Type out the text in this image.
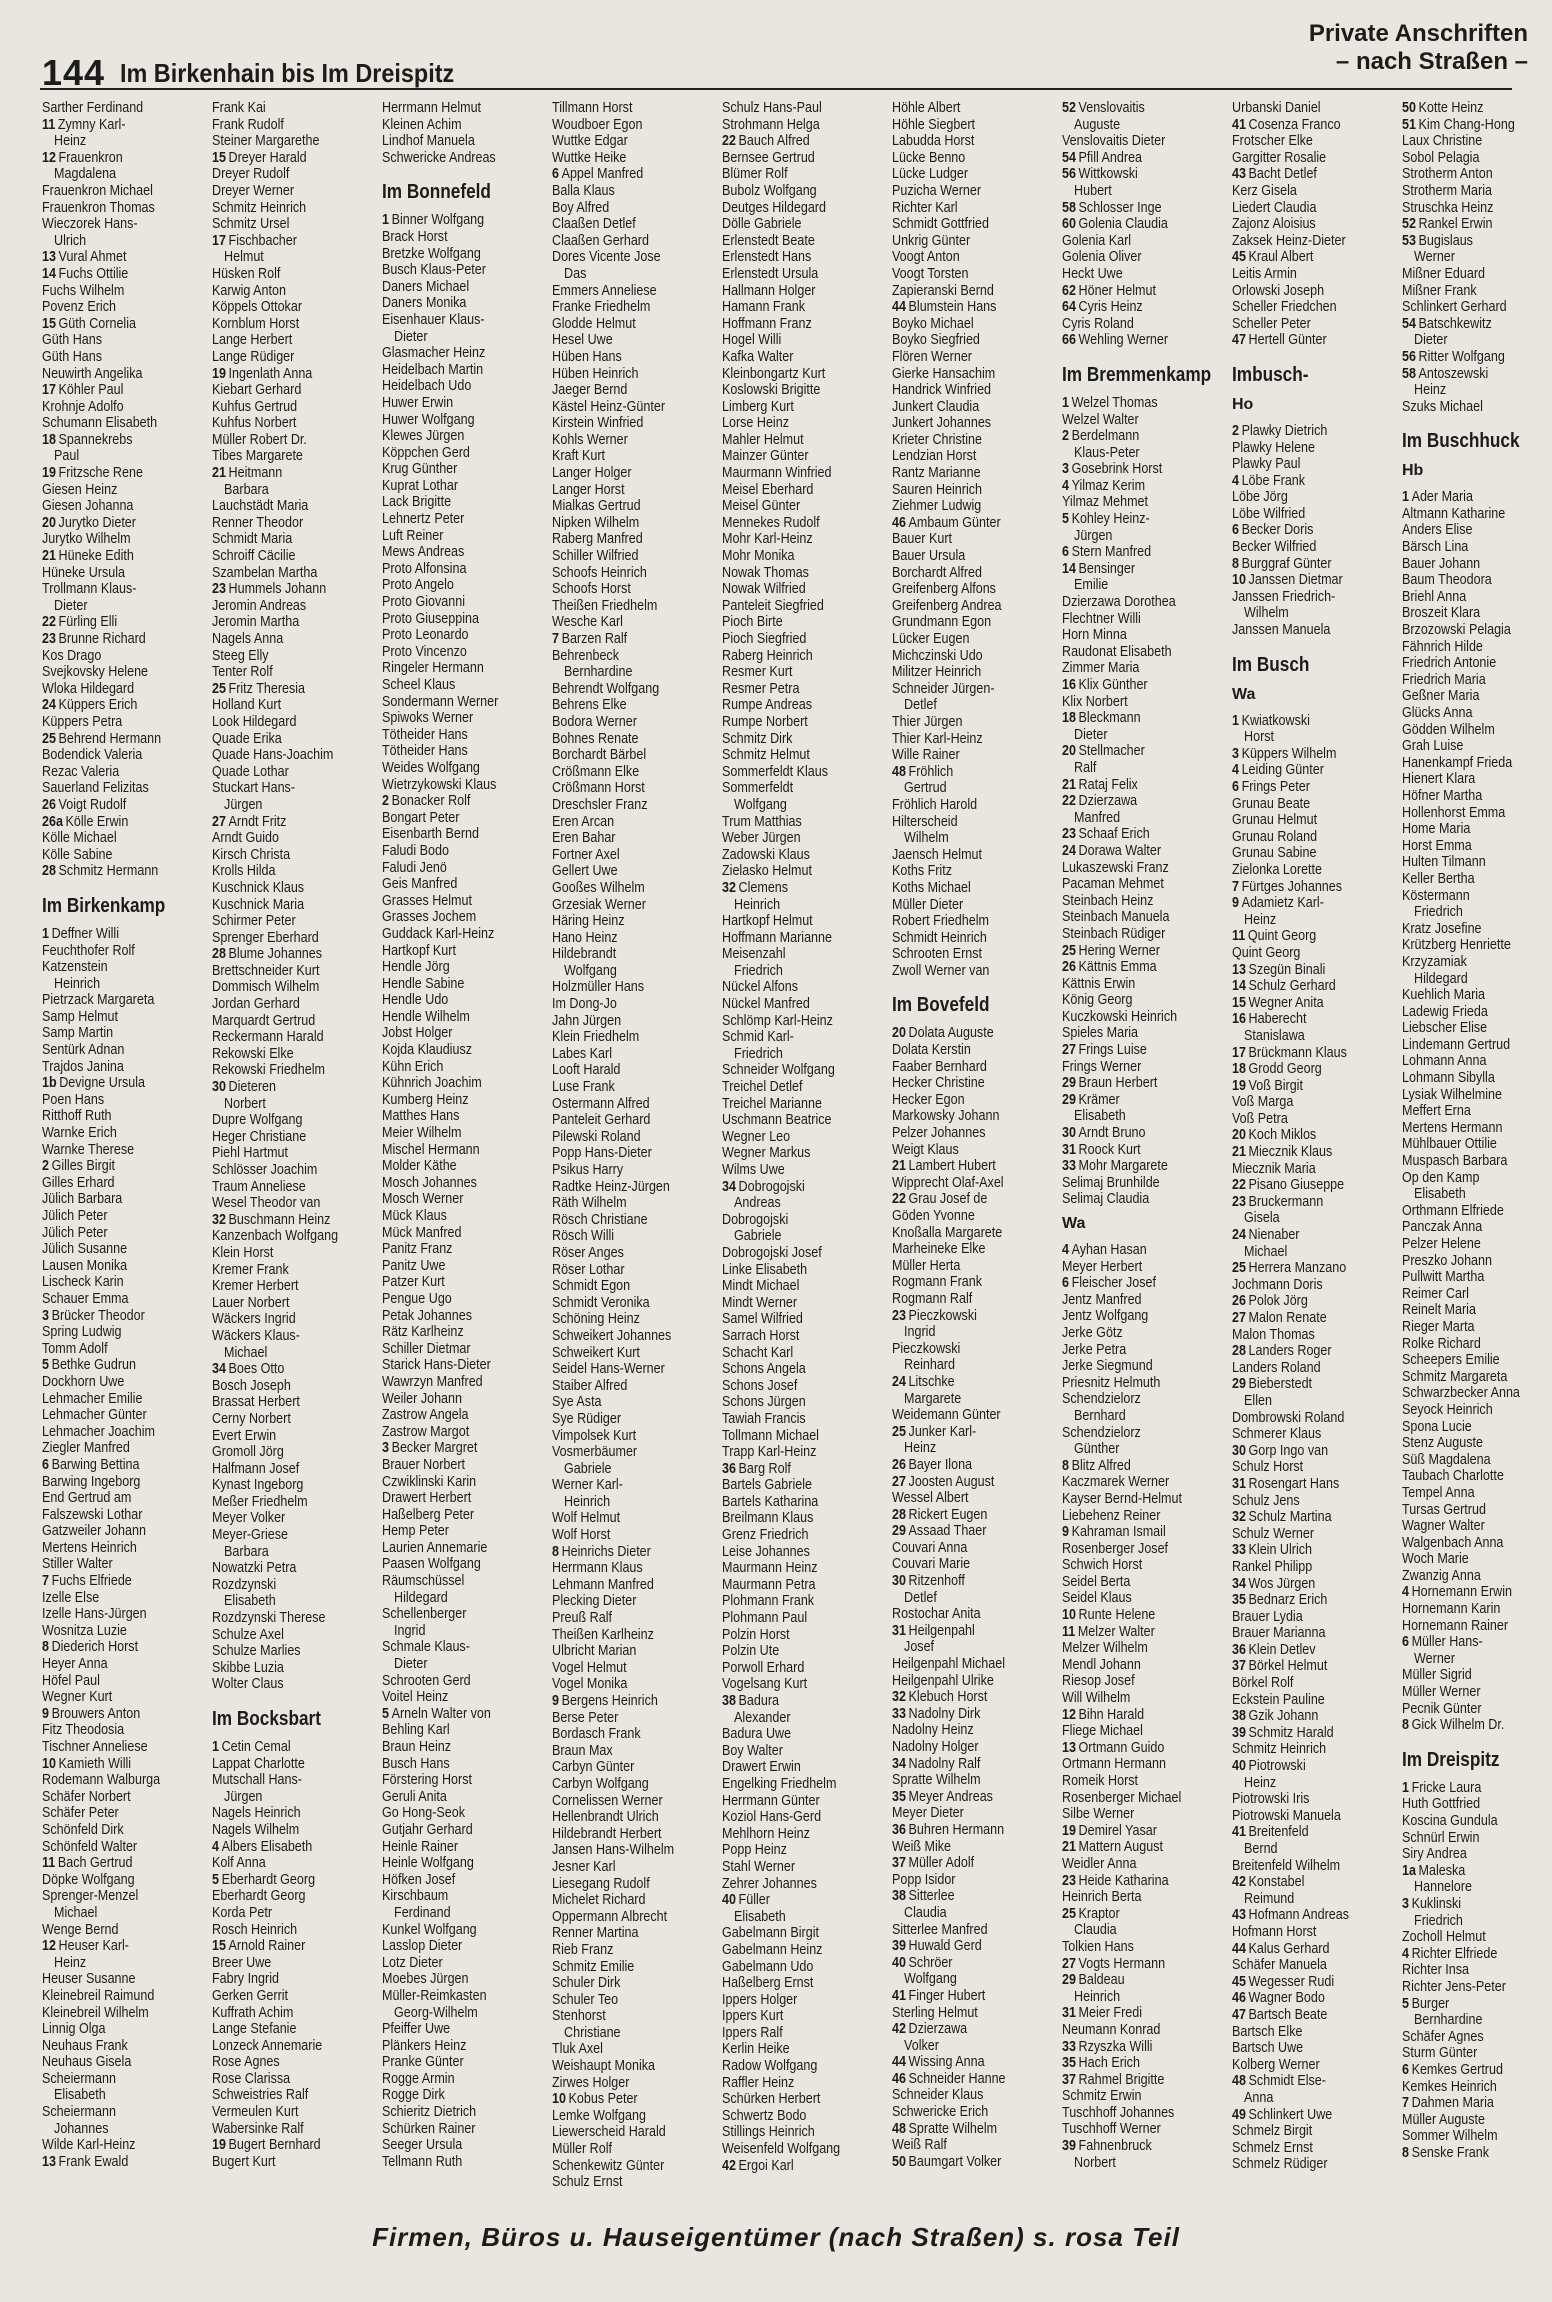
144 Im Birkenhain bis Im Dreispitz
Private Anschriften
– nach Straßen –
Sarther Ferdinand
11 Zymny Karl-
Heinz
12 Frauenkron
Magdalena
Frauenkron Michael
Frauenkron Thomas
Wieczorek Hans-
Ulrich
13 Vural Ahmet
14 Fuchs Ottilie
Fuchs Wilhelm
Povenz Erich
15 Güth Cornelia
Güth Hans
Güth Hans
Neuwirth Angelika
17 Köhler Paul
Krohnje Adolfo
Schumann Elisabeth
18 Spannekrebs
Paul
19 Fritzsche Rene
Giesen Heinz
Giesen Johanna
20 Jurytko Dieter
Jurytko Wilhelm
21 Hüneke Edith
Hüneke Ursula
Trollmann Klaus-
Dieter
22 Fürling Elli
23 Brunne Richard
Kos Drago
Svejkovsky Helene
Wloka Hildegard
24 Küppers Erich
Küppers Petra
25 Behrend Hermann
Bodendick Valeria
Rezac Valeria
Sauerland Felizitas
26 Voigt Rudolf
26a Kölle Erwin
Kölle Michael
Kölle Sabine
28 Schmitz Hermann
Im Birkenkamp
1 Deffner Willi
Feuchthofer Rolf
Katzenstein
Heinrich
Pietrzack Margareta
Samp Helmut
Samp Martin
Sentürk Adnan
Trajdos Janina
1b Devigne Ursula
Poen Hans
Ritthoff Ruth
Warnke Erich
Warnke Therese
2 Gilles Birgit
Gilles Erhard
Jülich Barbara
Jülich Peter
Jülich Peter
Jülich Susanne
Lausen Monika
Lischeck Karin
Schauer Emma
3 Brücker Theodor
Spring Ludwig
Tomm Adolf
5 Bethke Gudrun
Dockhorn Uwe
Lehmacher Emilie
Lehmacher Günter
Lehmacher Joachim
Ziegler Manfred
6 Barwing Bettina
Barwing Ingeborg
End Gertrud am
Falszewski Lothar
Gatzweiler Johann
Mertens Heinrich
Stiller Walter
7 Fuchs Elfriede
Izelle Else
Izelle Hans-Jürgen
Wosnitza Luzie
8 Diederich Horst
Heyer Anna
Höfel Paul
Wegner Kurt
9 Brouwers Anton
Fitz Theodosia
Tischner Anneliese
10 Kamieth Willi
Rodemann Walburga
Schäfer Norbert
Schäfer Peter
Schönfeld Dirk
Schönfeld Walter
11 Bach Gertrud
Döpke Wolfgang
Sprenger-Menzel
Michael
Wenge Bernd
12 Heuser Karl-
Heinz
Heuser Susanne
Kleinebreil Raimund
Kleinebreil Wilhelm
Linnig Olga
Neuhaus Frank
Neuhaus Gisela
Scheiermann
Elisabeth
Scheiermann
Johannes
Wilde Karl-Heinz
13 Frank Ewald
Frank Kai
Frank Rudolf
Steiner Margarethe
15 Dreyer Harald
Dreyer Rudolf
Dreyer Werner
Schmitz Heinrich
Schmitz Ursel
17 Fischbacher
Helmut
Hüsken Rolf
Karwig Anton
Köppels Ottokar
Kornblum Horst
Lange Herbert
Lange Rüdiger
19 Ingenlath Anna
Kiebart Gerhard
Kuhfus Gertrud
Kuhfus Norbert
Müller Robert Dr.
Tibes Margarete
21 Heitmann
Barbara
Lauchstädt Maria
Renner Theodor
Schmidt Maria
Schroiff Cäcilie
Szambelan Martha
23 Hummels Johann
Jeromin Andreas
Jeromin Martha
Nagels Anna
Steeg Elly
Tenter Rolf
25 Fritz Theresia
Holland Kurt
Look Hildegard
Quade Erika
Quade Hans-Joachim
Quade Lothar
Stuckart Hans-
Jürgen
27 Arndt Fritz
Arndt Guido
Kirsch Christa
Krolls Hilda
Kuschnick Klaus
Kuschnick Maria
Schirmer Peter
Sprenger Eberhard
28 Blume Johannes
Brettschneider Kurt
Dommisch Wilhelm
Jordan Gerhard
Marquardt Gertrud
Reckermann Harald
Rekowski Elke
Rekowski Friedhelm
30 Dieteren
Norbert
Dupre Wolfgang
Heger Christiane
Piehl Hartmut
Schlösser Joachim
Traum Anneliese
Wesel Theodor van
32 Buschmann Heinz
Kanzenbach Wolfgang
Klein Horst
Kremer Frank
Kremer Herbert
Lauer Norbert
Wäckers Ingrid
Wäckers Klaus-
Michael
34 Boes Otto
Bosch Joseph
Brassat Herbert
Cerny Norbert
Evert Erwin
Gromoll Jörg
Halfmann Josef
Kynast Ingeborg
Meßer Friedhelm
Meyer Volker
Meyer-Griese
Barbara
Nowatzki Petra
Rozdzynski
Elisabeth
Rozdzynski Therese
Schulze Axel
Schulze Marlies
Skibbe Luzia
Wolter Claus
Im Bocksbart
1 Cetin Cemal
Lappat Charlotte
Mutschall Hans-
Jürgen
Nagels Heinrich
Nagels Wilhelm
4 Albers Elisabeth
Kolf Anna
5 Eberhardt Georg
Eberhardt Georg
Korda Petr
Rosch Heinrich
15 Arnold Rainer
Breer Uwe
Fabry Ingrid
Gerken Gerrit
Kuffrath Achim
Lange Stefanie
Lonzeck Annemarie
Rose Agnes
Rose Clarissa
Schweistries Ralf
Vermeulen Kurt
Wabersinke Ralf
19 Bugert Bernhard
Bugert Kurt
Herrmann Helmut
Kleinen Achim
Lindhof Manuela
Schwericke Andreas
Im Bonnefeld
1 Binner Wolfgang
Brack Horst
Bretzke Wolfgang
Busch Klaus-Peter
Daners Michael
Daners Monika
Eisenhauer Klaus-
Dieter
Glasmacher Heinz
Heidelbach Martin
Heidelbach Udo
Huwer Erwin
Huwer Wolfgang
Klewes Jürgen
Köppchen Gerd
Krug Günther
Kuprat Lothar
Lack Brigitte
Lehnertz Peter
Luft Reiner
Mews Andreas
Proto Alfonsina
Proto Angelo
Proto Giovanni
Proto Giuseppina
Proto Leonardo
Proto Vincenzo
Ringeler Hermann
Scheel Klaus
Sondermann Werner
Spiwoks Werner
Tötheider Hans
Tötheider Hans
Weides Wolfgang
Wietrzykowski Klaus
2 Bonacker Rolf
Bongart Peter
Eisenbarth Bernd
Faludi Bodo
Faludi Jenö
Geis Manfred
Grasses Helmut
Grasses Jochem
Guddack Karl-Heinz
Hartkopf Kurt
Hendle Jörg
Hendle Sabine
Hendle Udo
Hendle Wilhelm
Jobst Holger
Kojda Klaudiusz
Kühn Erich
Kühnrich Joachim
Kumberg Heinz
Matthes Hans
Meier Wilhelm
Mischel Hermann
Molder Käthe
Mosch Johannes
Mosch Werner
Mück Klaus
Mück Manfred
Panitz Franz
Panitz Uwe
Patzer Kurt
Pengue Ugo
Petak Johannes
Rätz Karlheinz
Schiller Dietmar
Starick Hans-Dieter
Wawrzyn Manfred
Weiler Johann
Zastrow Angela
Zastrow Margot
3 Becker Margret
Brauer Norbert
Czwiklinski Karin
Drawert Herbert
Haßelberg Peter
Hemp Peter
Laurien Annemarie
Paasen Wolfgang
Räumschüssel
Hildegard
Schellenberger
Ingrid
Schmale Klaus-
Dieter
Schrooten Gerd
Voitel Heinz
5 Arneln Walter von
Behling Karl
Braun Heinz
Busch Hans
Förstering Horst
Geruli Anita
Go Hong-Seok
Gutjahr Gerhard
Heinle Rainer
Heinle Wolfgang
Höfken Josef
Kirschbaum
Ferdinand
Kunkel Wolfgang
Lasslop Dieter
Lotz Dieter
Moebes Jürgen
Müller-Reimkasten
Georg-Wilhelm
Pfeiffer Uwe
Plänkers Heinz
Pranke Günter
Rogge Armin
Rogge Dirk
Schieritz Dietrich
Schürken Rainer
Seeger Ursula
Tellmann Ruth
Tillmann Horst
Woudboer Egon
Wuttke Edgar
Wuttke Heike
6 Appel Manfred
Balla Klaus
Boy Alfred
Claaßen Detlef
Claaßen Gerhard
Dores Vicente Jose
Das
Emmers Anneliese
Franke Friedhelm
Glodde Helmut
Hesel Uwe
Hüben Hans
Hüben Heinrich
Jaeger Bernd
Kästel Heinz-Günter
Kirstein Winfried
Kohls Werner
Kraft Kurt
Langer Holger
Langer Horst
Mialkas Gertrud
Nipken Wilhelm
Raberg Manfred
Schiller Wilfried
Schoofs Heinrich
Schoofs Horst
Theißen Friedhelm
Wesche Karl
7 Barzen Ralf
Behrenbeck
Bernhardine
Behrendt Wolfgang
Behrens Elke
Bodora Werner
Bohnes Renate
Borchardt Bärbel
Crößmann Elke
Crößmann Horst
Dreschsler Franz
Eren Arcan
Eren Bahar
Fortner Axel
Gellert Uwe
Gooßes Wilhelm
Grzesiak Werner
Häring Heinz
Hano Heinz
Hildebrandt
Wolfgang
Holzmüller Hans
Im Dong-Jo
Jahn Jürgen
Klein Friedhelm
Labes Karl
Looft Harald
Luse Frank
Ostermann Alfred
Panteleit Gerhard
Pilewski Roland
Popp Hans-Dieter
Psikus Harry
Radtke Heinz-Jürgen
Räth Wilhelm
Rösch Christiane
Rösch Willi
Röser Anges
Röser Lothar
Schmidt Egon
Schmidt Veronika
Schöning Heinz
Schweikert Johannes
Schweikert Kurt
Seidel Hans-Werner
Staiber Alfred
Sye Asta
Sye Rüdiger
Vimpolsek Kurt
Vosmerbäumer
Gabriele
Werner Karl-
Heinrich
Wolf Helmut
Wolf Horst
8 Heinrichs Dieter
Herrmann Klaus
Lehmann Manfred
Plecking Dieter
Preuß Ralf
Theißen Karlheinz
Ulbricht Marian
Vogel Helmut
Vogel Monika
9 Bergens Heinrich
Berse Peter
Bordasch Frank
Braun Max
Carbyn Günter
Carbyn Wolfgang
Cornelissen Werner
Hellenbrandt Ulrich
Hildebrandt Herbert
Jansen Hans-Wilhelm
Jesner Karl
Liesegang Rudolf
Michelet Richard
Oppermann Albrecht
Renner Martina
Rieb Franz
Schmitz Emilie
Schuler Dirk
Schuler Teo
Stenhorst
Christiane
Tluk Axel
Weishaupt Monika
Zirwes Holger
10 Kobus Peter
Lemke Wolfgang
Liewerscheid Harald
Müller Rolf
Schenkewitz Günter
Schulz Ernst
Schulz Hans-Paul
Strohmann Helga
22 Bauch Alfred
Bernsee Gertrud
Blümer Rolf
Bubolz Wolfgang
Deutges Hildegard
Dölle Gabriele
Erlenstedt Beate
Erlenstedt Hans
Erlenstedt Ursula
Hallmann Holger
Hamann Frank
Hoffmann Franz
Hogel Willi
Kafka Walter
Kleinbongartz Kurt
Koslowski Brigitte
Limberg Kurt
Lorse Heinz
Mahler Helmut
Mainzer Günter
Maurmann Winfried
Meisel Eberhard
Meisel Günter
Mennekes Rudolf
Mohr Karl-Heinz
Mohr Monika
Nowak Thomas
Nowak Wilfried
Panteleit Siegfried
Pioch Birte
Pioch Siegfried
Raberg Heinrich
Resmer Kurt
Resmer Petra
Rumpe Andreas
Rumpe Norbert
Schmitz Dirk
Schmitz Helmut
Sommerfeldt Klaus
Sommerfeldt
Wolfgang
Trum Matthias
Weber Jürgen
Zadowski Klaus
Zielasko Helmut
32 Clemens
Heinrich
Hartkopf Helmut
Hoffmann Marianne
Meisenzahl
Friedrich
Nückel Alfons
Nückel Manfred
Schlömp Karl-Heinz
Schmid Karl-
Friedrich
Schneider Wolfgang
Treichel Detlef
Treichel Marianne
Uschmann Beatrice
Wegner Leo
Wegner Markus
Wilms Uwe
34 Dobrogojski
Andreas
Dobrogojski
Gabriele
Dobrogojski Josef
Linke Elisabeth
Mindt Michael
Mindt Werner
Samel Wilfried
Sarrach Horst
Schacht Karl
Schons Angela
Schons Josef
Schons Jürgen
Tawiah Francis
Tollmann Michael
Trapp Karl-Heinz
36 Barg Rolf
Bartels Gabriele
Bartels Katharina
Breilmann Klaus
Grenz Friedrich
Leise Johannes
Maurmann Heinz
Maurmann Petra
Plohmann Frank
Plohmann Paul
Polzin Horst
Polzin Ute
Porwoll Erhard
Vogelsang Kurt
38 Badura
Alexander
Badura Uwe
Boy Walter
Drawert Erwin
Engelking Friedhelm
Herrmann Günter
Koziol Hans-Gerd
Mehlhorn Heinz
Popp Heinz
Stahl Werner
Zehrer Johannes
40 Füller
Elisabeth
Gabelmann Birgit
Gabelmann Heinz
Gabelmann Udo
Haßelberg Ernst
Ippers Holger
Ippers Kurt
Ippers Ralf
Kerlin Heike
Radow Wolfgang
Raffler Heinz
Schürken Herbert
Schwertz Bodo
Stillings Heinrich
Weisenfeld Wolfgang
42 Ergoi Karl
Höhle Albert
Höhle Siegbert
Labudda Horst
Lücke Benno
Lücke Ludger
Puzicha Werner
Richter Karl
Schmidt Gottfried
Unkrig Günter
Voogt Anton
Voogt Torsten
Zapieranski Bernd
44 Blumstein Hans
Boyko Michael
Boyko Siegfried
Flören Werner
Gierke Hansachim
Handrick Winfried
Junkert Claudia
Junkert Johannes
Krieter Christine
Lendzian Horst
Rantz Marianne
Sauren Heinrich
Ziehmer Ludwig
46 Ambaum Günter
Bauer Kurt
Bauer Ursula
Borchardt Alfred
Greifenberg Alfons
Greifenberg Andrea
Grundmann Egon
Lücker Eugen
Michczinski Udo
Militzer Heinrich
Schneider Jürgen-
Detlef
Thier Jürgen
Thier Karl-Heinz
Wille Rainer
48 Fröhlich
Gertrud
Fröhlich Harold
Hilterscheid
Wilhelm
Jaensch Helmut
Koths Fritz
Koths Michael
Müller Dieter
Robert Friedhelm
Schmidt Heinrich
Schrooten Ernst
Zwoll Werner van
Im Bovefeld
20 Dolata Auguste
Dolata Kerstin
Faaber Bernhard
Hecker Christine
Hecker Egon
Markowsky Johann
Pelzer Johannes
Weigt Klaus
21 Lambert Hubert
Wipprecht Olaf-Axel
22 Grau Josef de
Göden Yvonne
Knoßalla Margarete
Marheineke Elke
Müller Herta
Rogmann Frank
Rogmann Ralf
23 Pieczkowski
Ingrid
Pieczkowski
Reinhard
24 Litschke
Margarete
Weidemann Günter
25 Junker Karl-
Heinz
26 Bayer Ilona
27 Joosten August
Wessel Albert
28 Rickert Eugen
29 Assaad Thaer
Couvari Anna
Couvari Marie
30 Ritzenhoff
Detlef
Rostochar Anita
31 Heilgenpahl
Josef
Heilgenpahl Michael
Heilgenpahl Ulrike
32 Klebuch Horst
33 Nadolny Dirk
Nadolny Heinz
Nadolny Holger
34 Nadolny Ralf
Spratte Wilhelm
35 Meyer Andreas
Meyer Dieter
36 Buhren Hermann
Weiß Mike
37 Müller Adolf
Popp Isidor
38 Sitterlee
Claudia
Sitterlee Manfred
39 Huwald Gerd
40 Schröer
Wolfgang
41 Finger Hubert
Sterling Helmut
42 Dzierzawa
Volker
44 Wissing Anna
46 Schneider Hanne
Schneider Klaus
Schwericke Erich
48 Spratte Wilhelm
Weiß Ralf
50 Baumgart Volker
52 Venslovaitis
Auguste
Venslovaitis Dieter
54 Pfill Andrea
56 Wittkowski
Hubert
58 Schlosser Inge
60 Golenia Claudia
Golenia Karl
Golenia Oliver
Heckt Uwe
62 Höner Helmut
64 Cyris Heinz
Cyris Roland
66 Wehling Werner
Im Bremmenkamp
1 Welzel Thomas
Welzel Walter
2 Berdelmann
Klaus-Peter
3 Gosebrink Horst
4 Yilmaz Kerim
Yilmaz Mehmet
5 Kohley Heinz-
Jürgen
6 Stern Manfred
14 Bensinger
Emilie
Dzierzawa Dorothea
Flechtner Willi
Horn Minna
Raudonat Elisabeth
Zimmer Maria
16 Klix Günther
Klix Norbert
18 Bleckmann
Dieter
20 Stellmacher
Ralf
21 Rataj Felix
22 Dzierzawa
Manfred
23 Schaaf Erich
24 Dorawa Walter
Lukaszewski Franz
Pacaman Mehmet
Steinbach Heinz
Steinbach Manuela
Steinbach Rüdiger
25 Hering Werner
26 Kättnis Emma
Kättnis Erwin
König Georg
Kuczkowski Heinrich
Spieles Maria
27 Frings Luise
Frings Werner
29 Braun Herbert
29 Krämer
Elisabeth
30 Arndt Bruno
31 Roock Kurt
33 Mohr Margarete
Selimaj Brunhilde
Selimaj Claudia
Wa
4 Ayhan Hasan
Meyer Herbert
6 Fleischer Josef
Jentz Manfred
Jentz Wolfgang
Jerke Götz
Jerke Petra
Jerke Siegmund
Priesnitz Helmuth
Schendzielorz
Bernhard
Schendzielorz
Günther
8 Blitz Alfred
Kaczmarek Werner
Kayser Bernd-Helmut
Liebehenz Reiner
9 Kahraman Ismail
Rosenberger Josef
Schwich Horst
Seidel Berta
Seidel Klaus
10 Runte Helene
11 Melzer Walter
Melzer Wilhelm
Mendl Johann
Riesop Josef
Will Wilhelm
12 Bihn Harald
Fliege Michael
13 Ortmann Guido
Ortmann Hermann
Romeik Horst
Rosenberger Michael
Silbe Werner
19 Demirel Yasar
21 Mattern August
Weidler Anna
23 Heide Katharina
Heinrich Berta
25 Kraptor
Claudia
Tolkien Hans
27 Vogts Hermann
29 Baldeau
Heinrich
31 Meier Fredi
Neumann Konrad
33 Rzyszka Willi
35 Hach Erich
37 Rahmel Brigitte
Schmitz Erwin
Tuschhoff Johannes
Tuschhoff Werner
39 Fahnenbruck
Norbert
Urbanski Daniel
41 Cosenza Franco
Frotscher Elke
Gargitter Rosalie
43 Bacht Detlef
Kerz Gisela
Liedert Claudia
Zajonz Aloisius
Zaksek Heinz-Dieter
45 Kraul Albert
Leitis Armin
Orlowski Joseph
Scheller Friedchen
Scheller Peter
47 Hertell Günter
Imbusch-
Ho
2 Plawky Dietrich
Plawky Helene
Plawky Paul
4 Löbe Frank
Löbe Jörg
Löbe Wilfried
6 Becker Doris
Becker Wilfried
8 Burggraf Günter
10 Janssen Dietmar
Janssen Friedrich-
Wilhelm
Janssen Manuela
Im Busch
Wa
1 Kwiatkowski
Horst
3 Küppers Wilhelm
4 Leiding Günter
6 Frings Peter
Grunau Beate
Grunau Helmut
Grunau Roland
Grunau Sabine
Zielonka Lorette
7 Fürtges Johannes
9 Adamietz Karl-
Heinz
11 Quint Georg
Quint Georg
13 Szegün Binali
14 Schulz Gerhard
15 Wegner Anita
16 Haberecht
Stanislawa
17 Brückmann Klaus
18 Grodd Georg
19 Voß Birgit
Voß Marga
Voß Petra
20 Koch Miklos
21 Miecznik Klaus
Miecznik Maria
22 Pisano Giuseppe
23 Bruckermann
Gisela
24 Nienaber
Michael
25 Herrera Manzano
Jochmann Doris
26 Polok Jörg
27 Malon Renate
Malon Thomas
28 Landers Roger
Landers Roland
29 Bieberstedt
Ellen
Dombrowski Roland
Schmerer Klaus
30 Gorp Ingo van
Schulz Horst
31 Rosengart Hans
Schulz Jens
32 Schulz Martina
Schulz Werner
33 Klein Ulrich
Rankel Philipp
34 Wos Jürgen
35 Bednarz Erich
Brauer Lydia
Brauer Marianna
36 Klein Detlev
37 Börkel Helmut
Börkel Rolf
Eckstein Pauline
38 Gzik Johann
39 Schmitz Harald
Schmitz Heinrich
40 Piotrowski
Heinz
Piotrowski Iris
Piotrowski Manuela
41 Breitenfeld
Bernd
Breitenfeld Wilhelm
42 Konstabel
Reimund
43 Hofmann Andreas
Hofmann Horst
44 Kalus Gerhard
Schäfer Manuela
45 Wegesser Rudi
46 Wagner Bodo
47 Bartsch Beate
Bartsch Elke
Bartsch Uwe
Kolberg Werner
48 Schmidt Else-
Anna
49 Schlinkert Uwe
Schmelz Birgit
Schmelz Ernst
Schmelz Rüdiger
50 Kotte Heinz
51 Kim Chang-Hong
Laux Christine
Sobol Pelagia
Strotherm Anton
Strotherm Maria
Struschka Heinz
52 Rankel Erwin
53 Bugislaus
Werner
Mißner Eduard
Mißner Frank
Schlinkert Gerhard
54 Batschkewitz
Dieter
56 Ritter Wolfgang
58 Antoszewski
Heinz
Szuks Michael
Im Buschhuck
Hb
1 Ader Maria
Altmann Katharine
Anders Elise
Bärsch Lina
Bauer Johann
Baum Theodora
Briehl Anna
Broszeit Klara
Brzozowski Pelagia
Fähnrich Hilde
Friedrich Antonie
Friedrich Maria
Geßner Maria
Glücks Anna
Gödden Wilhelm
Grah Luise
Hanenkampf Frieda
Hienert Klara
Höfner Martha
Hollenhorst Emma
Home Maria
Horst Emma
Hulten Tilmann
Keller Bertha
Köstermann
Friedrich
Kratz Josefine
Krützberg Henriette
Krzyzamiak
Hildegard
Kuehlich Maria
Ladewig Frieda
Liebscher Elise
Lindemann Gertrud
Lohmann Anna
Lohmann Sibylla
Lysiak Wilhelmine
Meffert Erna
Mertens Hermann
Mühlbauer Ottilie
Muspasch Barbara
Op den Kamp
Elisabeth
Orthmann Elfriede
Panczak Anna
Pelzer Helene
Preszko Johann
Pullwitt Martha
Reimer Carl
Reinelt Maria
Rieger Marta
Rolke Richard
Scheepers Emilie
Schmitz Margareta
Schwarzbecker Anna
Seyock Heinrich
Spona Lucie
Stenz Auguste
Süß Magdalena
Taubach Charlotte
Tempel Anna
Tursas Gertrud
Wagner Walter
Walgenbach Anna
Woch Marie
Zwanzig Anna
4 Hornemann Erwin
Hornemann Karin
Hornemann Rainer
6 Müller Hans-
Werner
Müller Sigrid
Müller Werner
Pecnik Günter
8 Gick Wilhelm Dr.
Im Dreispitz
1 Fricke Laura
Huth Gottfried
Koscina Gundula
Schnürl Erwin
Siry Andrea
1a Maleska
Hannelore
3 Kuklinski
Friedrich
Zocholl Helmut
4 Richter Elfriede
Richter Insa
Richter Jens-Peter
5 Burger
Bernhardine
Schäfer Agnes
Sturm Günter
6 Kemkes Gertrud
Kemkes Heinrich
7 Dahmen Maria
Müller Auguste
Sommer Wilhelm
8 Senske Frank
Firmen, Büros u. Hauseigentümer (nach Straßen) s. rosa Teil
